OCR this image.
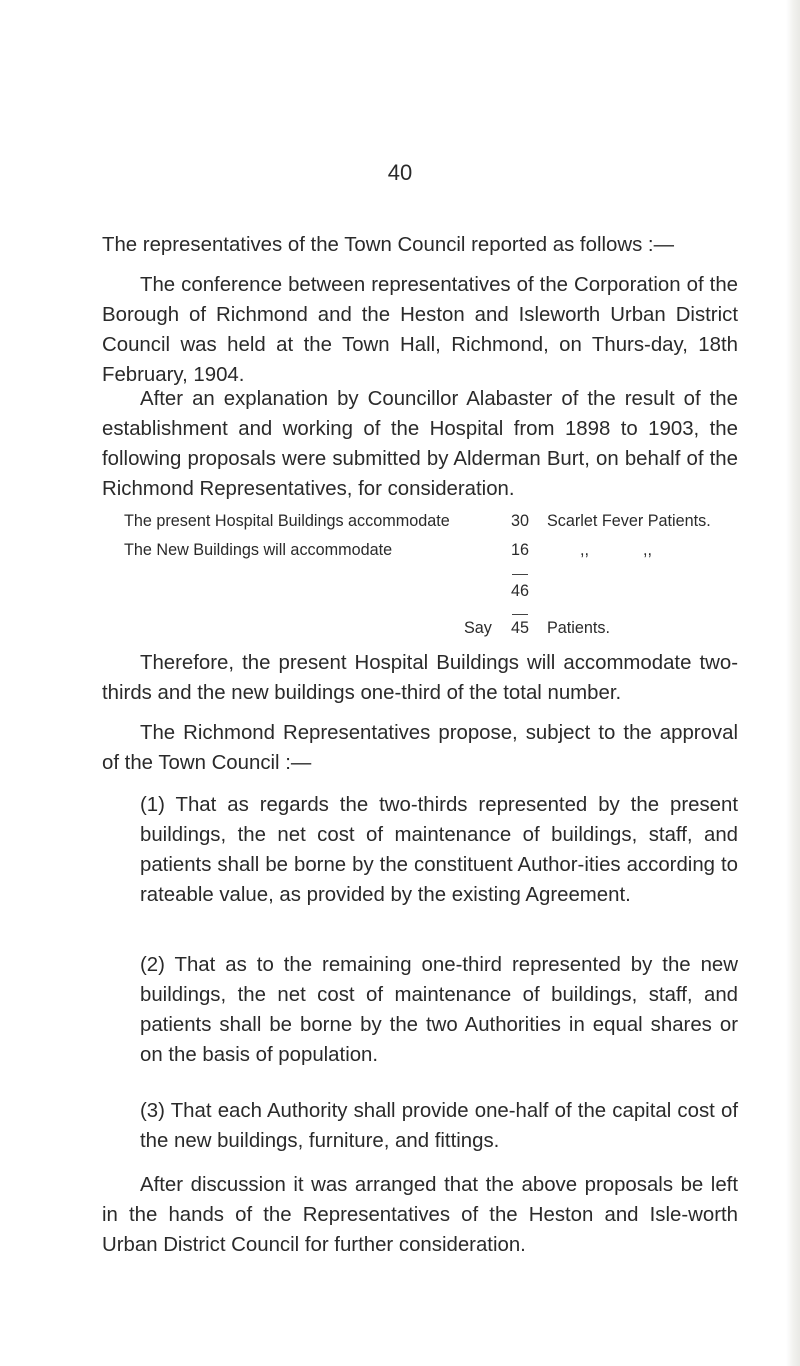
40

The representatives of the Town Council reported as follows :—

The conference between representatives of the Corporation of the Borough of Richmond and the Heston and Isleworth Urban District Council was held at the Town Hall, Richmond, on Thurs-day, 18th February, 1904.

After an explanation by Councillor Alabaster of the result of the establishment and working of the Hospital from 1898 to 1903, the following proposals were submitted by Alderman Burt, on behalf of the Richmond Representatives, for consideration.

The present Hospital Buildings accommodate	30	Scarlet Fever Patients.
The New Buildings will accommodate	16	,,	,,
46
Say	45	Patients.

Therefore, the present Hospital Buildings will accommodate two-thirds and the new buildings one-third of the total number.

The Richmond Representatives propose, subject to the approval of the Town Council :—

(1) That as regards the two-thirds represented by the present buildings, the net cost of maintenance of buildings, staff, and patients shall be borne by the constituent Author-ities according to rateable value, as provided by the existing Agreement.

(2) That as to the remaining one-third represented by the new buildings, the net cost of maintenance of buildings, staff, and patients shall be borne by the two Authorities in equal shares or on the basis of population.

(3) That each Authority shall provide one-half of the capital cost of the new buildings, furniture, and fittings.

After discussion it was arranged that the above proposals be left in the hands of the Representatives of the Heston and Isle-worth Urban District Council for further consideration.
